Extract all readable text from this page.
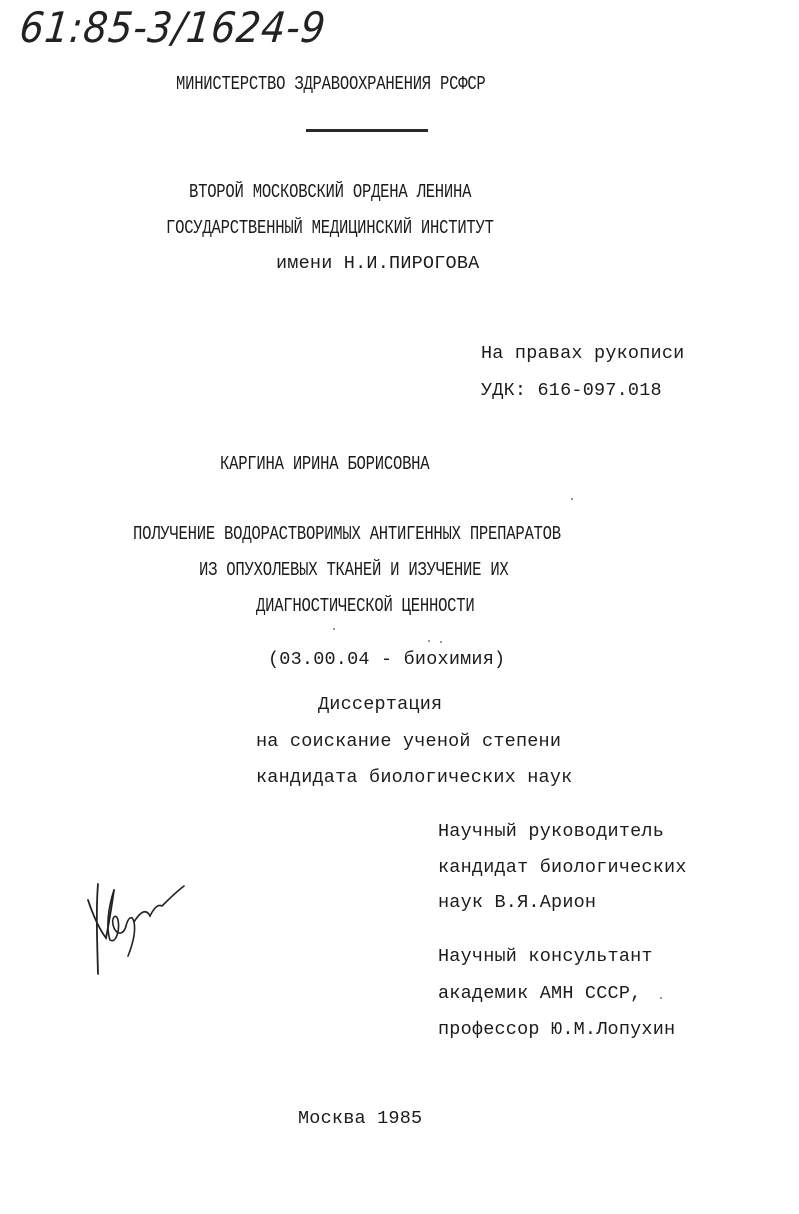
61:85-3/1624-9
МИНИСТЕРСТВО ЗДРАВООХРАНЕНИЯ РСФСР
ВТОРОЙ МОСКОВСКИЙ ОРДЕНА ЛЕНИНА
ГОСУДАРСТВЕННЫЙ МЕДИЦИНСКИЙ ИНСТИТУТ
имени Н.И.ПИРОГОВА
На правах рукописи
УДК: 616-097.018
КАРГИНА ИРИНА БОРИСОВНА
ПОЛУЧЕНИЕ ВОДОРАСТВОРИМЫХ АНТИГЕННЫХ ПРЕПАРАТОВ
ИЗ ОПУХОЛЕВЫХ ТКАНЕЙ И ИЗУЧЕНИЕ ИХ
ДИАГНОСТИЧЕСКОЙ ЦЕННОСТИ
(03.00.04 - биохимия)
Диссертация
на соискание ученой степени
кандидата биологических наук
Научный руководитель
кандидат биологических
наук В.Я.Арион
Научный консультант
академик АМН СССР,
профессор Ю.М.Лопухин
Москва 1985
